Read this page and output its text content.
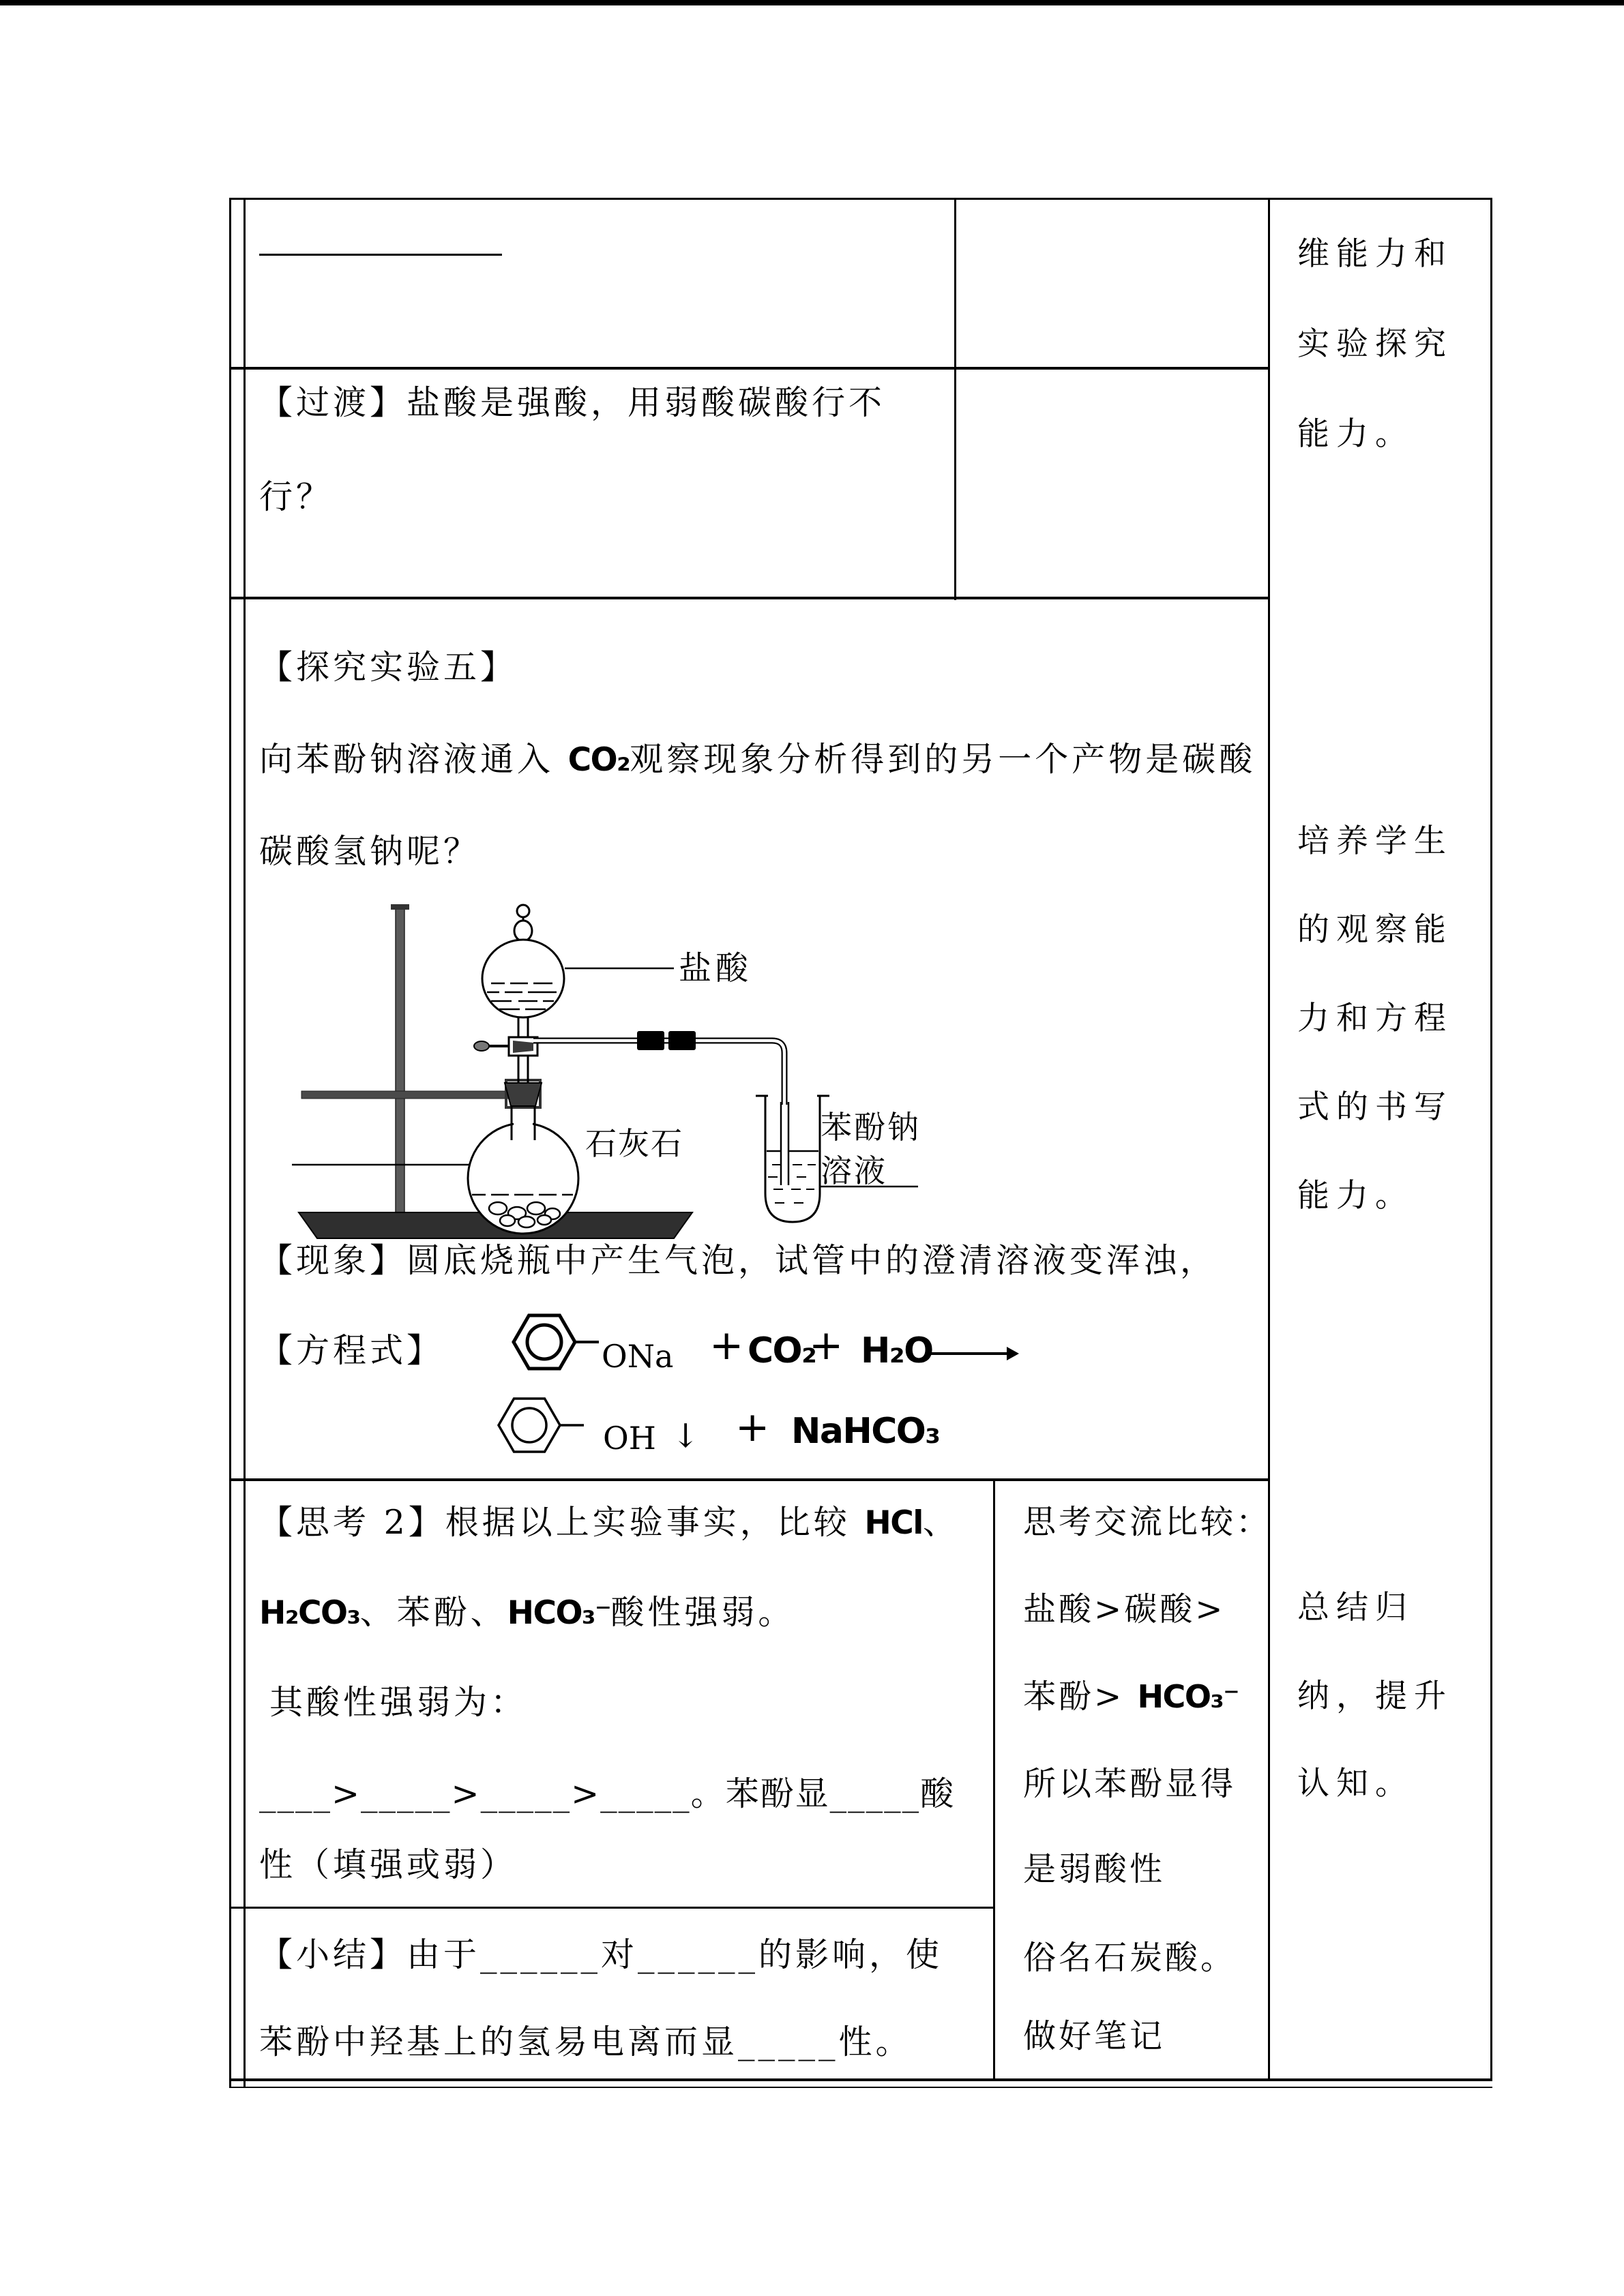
【过渡】盐酸是强酸，用弱酸碳酸行不
行？
【探究实验五】
向苯酚钠溶液通入 CO₂观察现象分析得到的另一个产物是碳酸
碳酸氢钠呢？
盐酸
石灰石	苯酚钠
溶液
【现象】圆底烧瓶中产生气泡，试管中的澄清溶液变浑浊，
【方程式】	ONa + CO₂
+ H₂O
OH ↓ + NaHCO₃
【思考 2】根据以上实验事实，比较 HCl、
H₂CO₃、苯酚、HCO₃⁻酸性强弱。
其酸性强弱为：
____>_____>_____>_____。苯酚显_____酸
性（填强或弱）
【小结】由于______对______的影响，使
苯酚中羟基上的氢易电离而显_____性。
思考交流比较：
盐酸>碳酸>
苯酚> HCO₃⁻
所以苯酚显得
是弱酸性
俗名石炭酸。
做好笔记
维能力和
实验探究
能力。
培养学生
的观察能
力和方程
式的书写
能力。
总结归
纳，提升
认知。
